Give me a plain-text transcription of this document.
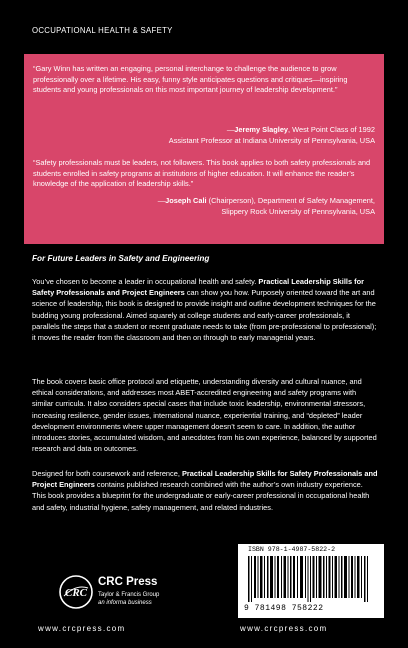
OCCUPATIONAL HEALTH & SAFETY
“Gary Winn has written an engaging, personal interchange to challenge the audience to grow professionally over a lifetime. His easy, funny style anticipates questions and critiques—inspiring students and young professionals on this most important journey of leadership development.”
—Jeremy Slagley, West Point Class of 1992
Assistant Professor at Indiana University of Pennsylvania, USA
“Safety professionals must be leaders, not followers. This book applies to both safety professionals and students enrolled in safety programs at institutions of higher education. It will enhance the reader’s knowledge of the application of leadership skills.”
—Joseph Cali (Chairperson), Department of Safety Management,
Slippery Rock University of Pennsylvania, USA
For Future Leaders in Safety and Engineering
You’ve chosen to become a leader in occupational health and safety. Practical Leadership Skills for Safety Professionals and Project Engineers can show you how. Purposely oriented toward the art and science of leadership, this book is designed to provide insight and outline development techniques for the budding young professional. Aimed squarely at college students and early-career professionals, it parallels the steps that a student or recent graduate needs to take (from pre-professional to professional); it moves the reader from the classroom and then on through to early managerial years.
The book covers basic office protocol and etiquette, understanding diversity and cultural nuance, and ethical considerations, and addresses most ABET-accredited engineering and safety programs with similar curricula. It also considers special cases that include toxic leadership, environmental stressors, increasing resilience, gender issues, international nuance, experiential training, and “depleted” leader development environments where upper management doesn’t seem to care. In addition, the author introduces stories, accumulated wisdom, and anecdotes from his own experience, balanced by supported research and data on outcomes.
Designed for both coursework and reference, Practical Leadership Skills for Safety Professionals and Project Engineers contains published research combined with the author’s own industry experience. This book provides a blueprint for the undergraduate or early-career professional in occupational health and safety, industrial hygiene, safety management, and related industries.
CRC
CRC Press
Taylor & Francis Group
an informa business
ISBN 978-1-4987-5822-2
9 781498 758222
www.crcpress.com	www.crcpress.com
